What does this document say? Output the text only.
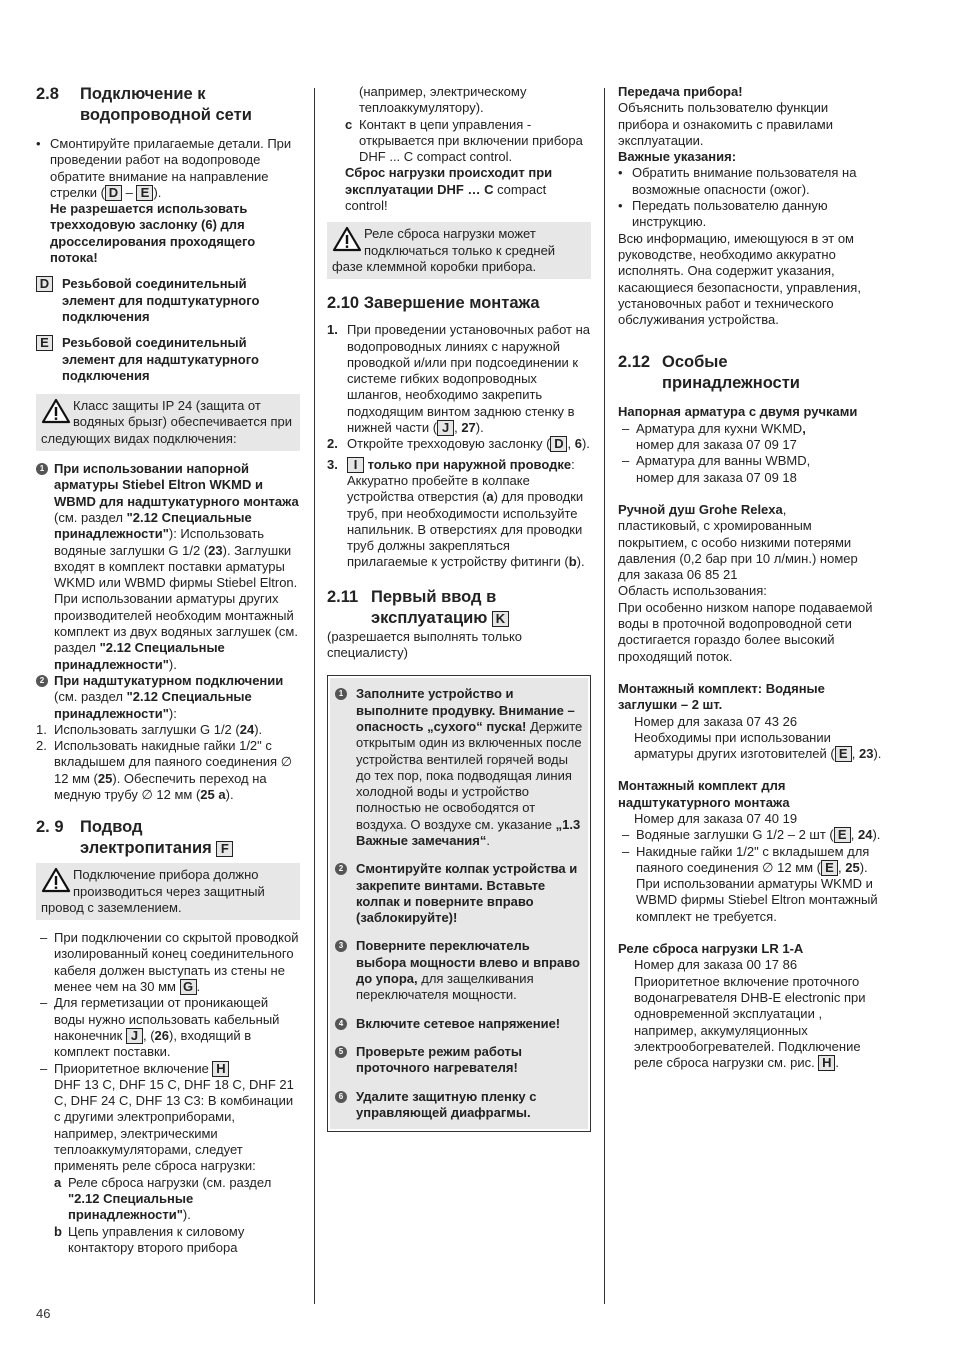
2.8 Подключение к
водопроводной сети
• Смонтируйте прилагаемые детали. При проведении работ на водопроводе обратите внимание на направление стрелки ( D – E ).
Не разрешается использовать трехходовую заслонку (6) для дросселирования проходящего потока!
D Резьбовой соединительный элемент для подштукатурного подключения
E	Резьбовой соединительный элемент для надштукатурного подключения
Класс защиты IP 24 (защита от водяных брызг) обеспечивается при следующих видах подключения:
1 При использовании напорной арматуры Stiebel Eltron WKMD и WBMD для надштукатурного монтажа (см. раздел "2.12 Специальные принадлежности"): Использовать водяные заглушки G 1/2 (23). Заглушки входят в комплект поставки арматуры WKMD или WBMD фирмы Stiebel Eltron. При использовании арматуры других производителей необходим монтажный комплект из двух водяных заглушек (см. раздел "2.12 Специальные принадлежности").
2 При надштукатурном подключении (см. раздел "2.12 Специальные принадлежности"):
1. Использовать заглушки G 1/2 (24).
2. Использовать накидные гайки 1/2" с вкладышем для паяного соединения ∅ 12 мм (25). Обеспечить переход на медную трубу ∅ 12 мм (25 а).
2. 9 Подвод
электропитания F
Подключение прибора должно производиться через защитный провод с заземлением.
– При подключении со скрытой проводкой изолированный конец соединительного кабеля должен выступать из стены не менее чем на 30 мм G .
– Для герметизации от проникающей воды нужно использовать кабельный наконечник J , (26), входящий в комплект поставки.
– Приоритетное включение H
DHF 13 C, DHF 15 C, DHF 18 C, DHF 21 C, DHF 24 C, DHF 13 C3: В комбинации с другими электроприборами, например, электрическими теплоаккумуляторами, следует применять реле сброса нагрузки:
a Реле сброса нагрузки (см. раздел "2.12 Специальные принадлежности").
b Цепь управления к силовому контактору второго прибора
(например, электрическому теплоаккумулятору).
c Контакт в цепи управления - открывается при включении прибора DHF ... C compact control.
Сброс нагрузки происходит при эксплуатации DHF … C compact control!
Реле сброса нагрузки может подключаться только к средней фазе клеммной коробки прибора.
2.10 Завершение монтажа
1. При проведении установочных работ на водопроводных линиях с наружной проводкой и/или при подсоединении к системе гибких водопроводных шлангов, необходимо закрепить подходящим винтом заднюю стенку в нижней части ( J , 27).
2. Откройте трехходовую заслонку ( D , 6).
3. I только при наружной проводке:
Аккуратно пробейте в колпаке устройства отверстия (a) для проводки труб, при необходимости используйте напильник. В отверстиях для проводки труб должны закрепляться прилагаемые к устройству фитинги (b).
2.11 Первый ввод в
эксплуатацию K
(разрешается выполнять только специалисту)
1 Заполните устройство и выполните продувку. Внимание – опасность „сухого“ пуска! Держите открытым один из включенных после устройства вентилей горячей воды до тех пор, пока подводящая линия холодной воды и устройство полностью не освободятся от воздуха. О воздухе см. указание „1.3 Важные замечания“.
2 Смонтируйте колпак устройства и закрепите винтами. Вставьте колпак и поверните вправо (заблокируйте)!
3 Поверните переключатель выбора мощности влево и вправо до упора, для защелкивания переключателя мощности.
4 Включите сетевое напряжение!
5 Проверьте режим работы проточного нагревателя!
6 Удалите защитную пленку с управляющей диафрагмы.
Передача прибора!
Объяснить пользователю функции прибора и ознакомить с правилами эксплуатации.
Важные указания:
• Обратить внимание пользователя на возможные опасности (ожог).
• Передать пользователю данную инструкцию.
Всю информацию, имеющуюся в эт ом руководстве, необходимо аккуратно исполнять. Она содержит указания, касающиеся безопасности, управления, установочных работ и технического обслуживания устройства.
2.12 Особые
принадлежности
Напорная арматура с двумя ручками
– Арматура для кухни WKMD,
номер для заказа 07 09 17
– Арматура для ванны WBMD,
номер для заказа 07 09 18
Ручной душ Grohe Relexa,
пластиковый, с хромированным покрытием, с особо низкими потерями давления (0,2 бар при 10 л/мин.) номер для заказа 06 85 21
Область использования:
При особенно низком напоре подаваемой воды в проточной водопроводной сети достигается гораздо более высокий проходящий поток.
Монтажный комплект: Водяные заглушки – 2 шт.
Номер для заказа 07 43 26
Необходимы при использовании арматуры других изготовителей ( E , 23).
Монтажный комплект для надштукатурного монтажа
Номер для заказа 07 40 19
– Водяные заглушки G 1/2 – 2 шт ( E , 24).
– Накидные гайки 1/2" с вкладышем для паяного соединения ∅ 12 мм ( E , 25). При использовании арматуры WKMD и WBMD фирмы Stiebel Eltron монтажный комплект не требуется.
Реле сброса нагрузки LR 1-A
Номер для заказа 00 17 86
Приоритетное включение проточного водонагревателя DHB-E electronic при одновременной эксплуатации , например, аккумуляционных электрообогревателей. Подключение реле сброса нагрузки см. рис. H .
46
